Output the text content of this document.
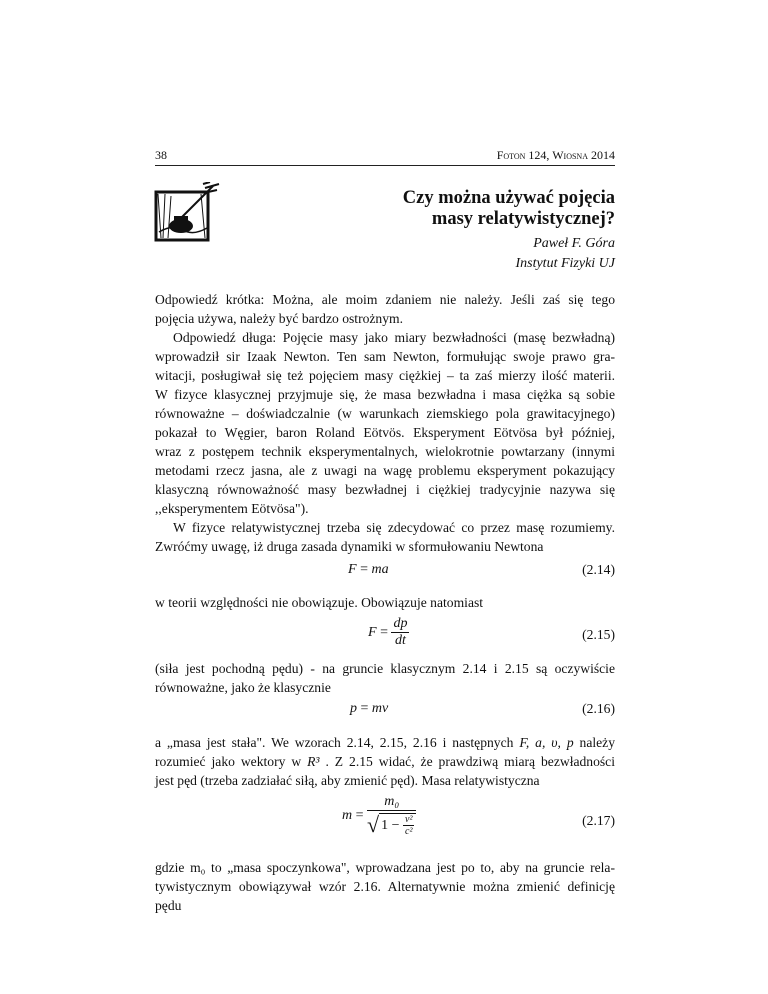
38	Foton 124, Wiosna 2014
Czy można używać pojęcia
masy relatywistycznej?
Paweł F. Góra
Instytut Fizyki UJ
Odpowiedź krótka: Można, ale moim zdaniem nie należy. Jeśli zaś się tego
pojęcia używa, należy być bardzo ostrożnym.
Odpowiedź długa: Pojęcie masy jako miary bezwładności (masę bezwładną)
wprowadził sir Izaak Newton. Ten sam Newton, formułując swoje prawo gra-
witacji, posługiwał się też pojęciem masy ciężkiej – ta zaś mierzy ilość materii.
W fizyce klasycznej przyjmuje się, że masa bezwładna i masa ciężka są sobie
równoważne – doświadczalnie (w warunkach ziemskiego pola grawitacyjnego)
pokazał to Węgier, baron Roland Eötvös. Eksperyment Eötvösa był później,
wraz z postępem technik eksperymentalnych, wielokrotnie powtarzany (innymi
metodami rzecz jasna, ale z uwagi na wagę problemu eksperyment pokazujący
klasyczną równoważność masy bezwładnej i ciężkiej tradycyjnie nazywa się
,,eksperymentem Eötvösa").
W fizyce relatywistycznej trzeba się zdecydować co przez masę rozumiemy.
Zwróćmy uwagę, iż druga zasada dynamiki w sformułowaniu Newtona
F = ma	(2.14)
w teorii względności nie obowiązuje. Obowiązuje natomiast
$F = \frac{dp}{dt}$	(2.15)
(siła jest pochodną pędu) - na gruncie klasycznym 2.14 i 2.15 są oczywiście
równoważne, jako że klasycznie
p = mv	(2.16)
a „masa jest stała". We wzorach 2.14, 2.15, 2.16 i następnych F, a, υ, p należy
rozumieć jako wektory w R³ . Z 2.15 widać, że prawdziwą miarą bezwładności
jest pęd (trzeba zadziałać siłą, aby zmienić pęd). Masa relatywistyczna
$m = \frac{\text{m₀}}{√ 1 - \frac{\text{v²}}{\text{c²}}}$	(2.17)
gdzie m₀ to „masa spoczynkowa", wprowadzana jest po to, aby na gruncie rela-
tywistycznym obowiązywał wzór 2.16. Alternatywnie można zmienić definicję
pędu
